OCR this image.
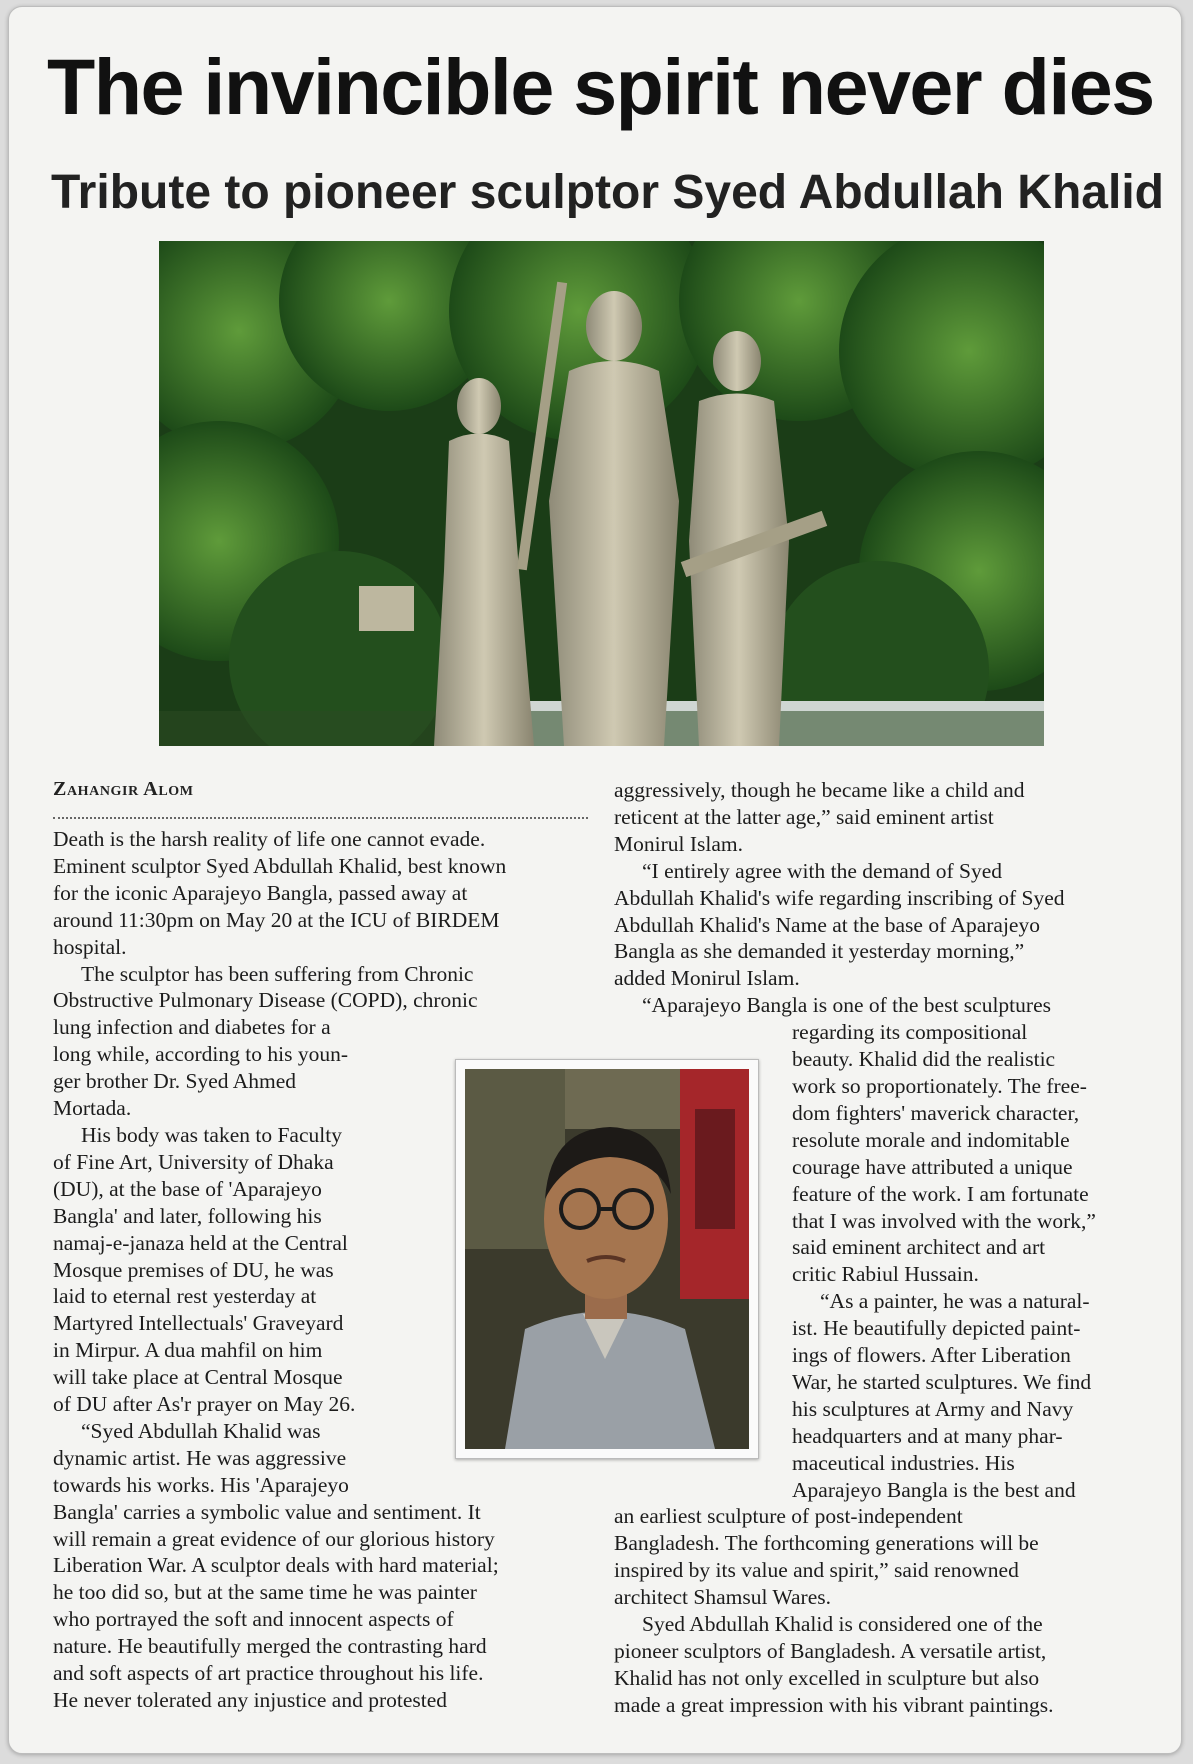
The invincible spirit never dies
Tribute to pioneer sculptor Syed Abdullah Khalid
Zahangir Alom
Death is the harsh reality of life one cannot evade.
Eminent sculptor Syed Abdullah Khalid, best known
for the iconic Aparajeyo Bangla, passed away at
around 11:30pm on May 20 at the ICU of BIRDEM
hospital.
The sculptor has been suffering from Chronic
Obstructive Pulmonary Disease (COPD), chronic
lung infection and diabetes for a
long while, according to his youn-
ger brother Dr. Syed Ahmed
Mortada.
His body was taken to Faculty
of Fine Art, University of Dhaka
(DU), at the base of 'Aparajeyo
Bangla' and later, following his
namaj-e-janaza held at the Central
Mosque premises of DU, he was
laid to eternal rest yesterday at
Martyred Intellectuals' Graveyard
in Mirpur. A dua mahfil on him
will take place at Central Mosque
of DU after As'r prayer on May 26.
“Syed Abdullah Khalid was
dynamic artist. He was aggressive
towards his works. His 'Aparajeyo
Bangla' carries a symbolic value and sentiment. It
will remain a great evidence of our glorious history
Liberation War. A sculptor deals with hard material;
he too did so, but at the same time he was painter
who portrayed the soft and innocent aspects of
nature. He beautifully merged the contrasting hard
and soft aspects of art practice throughout his life.
He never tolerated any injustice and protested
aggressively, though he became like a child and
reticent at the latter age,” said eminent artist
Monirul Islam.
“I entirely agree with the demand of Syed
Abdullah Khalid's wife regarding inscribing of Syed
Abdullah Khalid's Name at the base of Aparajeyo
Bangla as she demanded it yesterday morning,”
added Monirul Islam.
“Aparajeyo Bangla is one of the best sculptures
regarding its compositional
beauty. Khalid did the realistic
work so proportionately. The free-
dom fighters' maverick character,
resolute morale and indomitable
courage have attributed a unique
feature of the work. I am fortunate
that I was involved with the work,”
said eminent architect and art
critic Rabiul Hussain.
“As a painter, he was a natural-
ist. He beautifully depicted paint-
ings of flowers. After Liberation
War, he started sculptures. We find
his sculptures at Army and Navy
headquarters and at many phar-
maceutical industries. His
Aparajeyo Bangla is the best and
an earliest sculpture of post-independent
Bangladesh. The forthcoming generations will be
inspired by its value and spirit,” said renowned
architect Shamsul Wares.
Syed Abdullah Khalid is considered one of the
pioneer sculptors of Bangladesh. A versatile artist,
Khalid has not only excelled in sculpture but also
made a great impression with his vibrant paintings.
